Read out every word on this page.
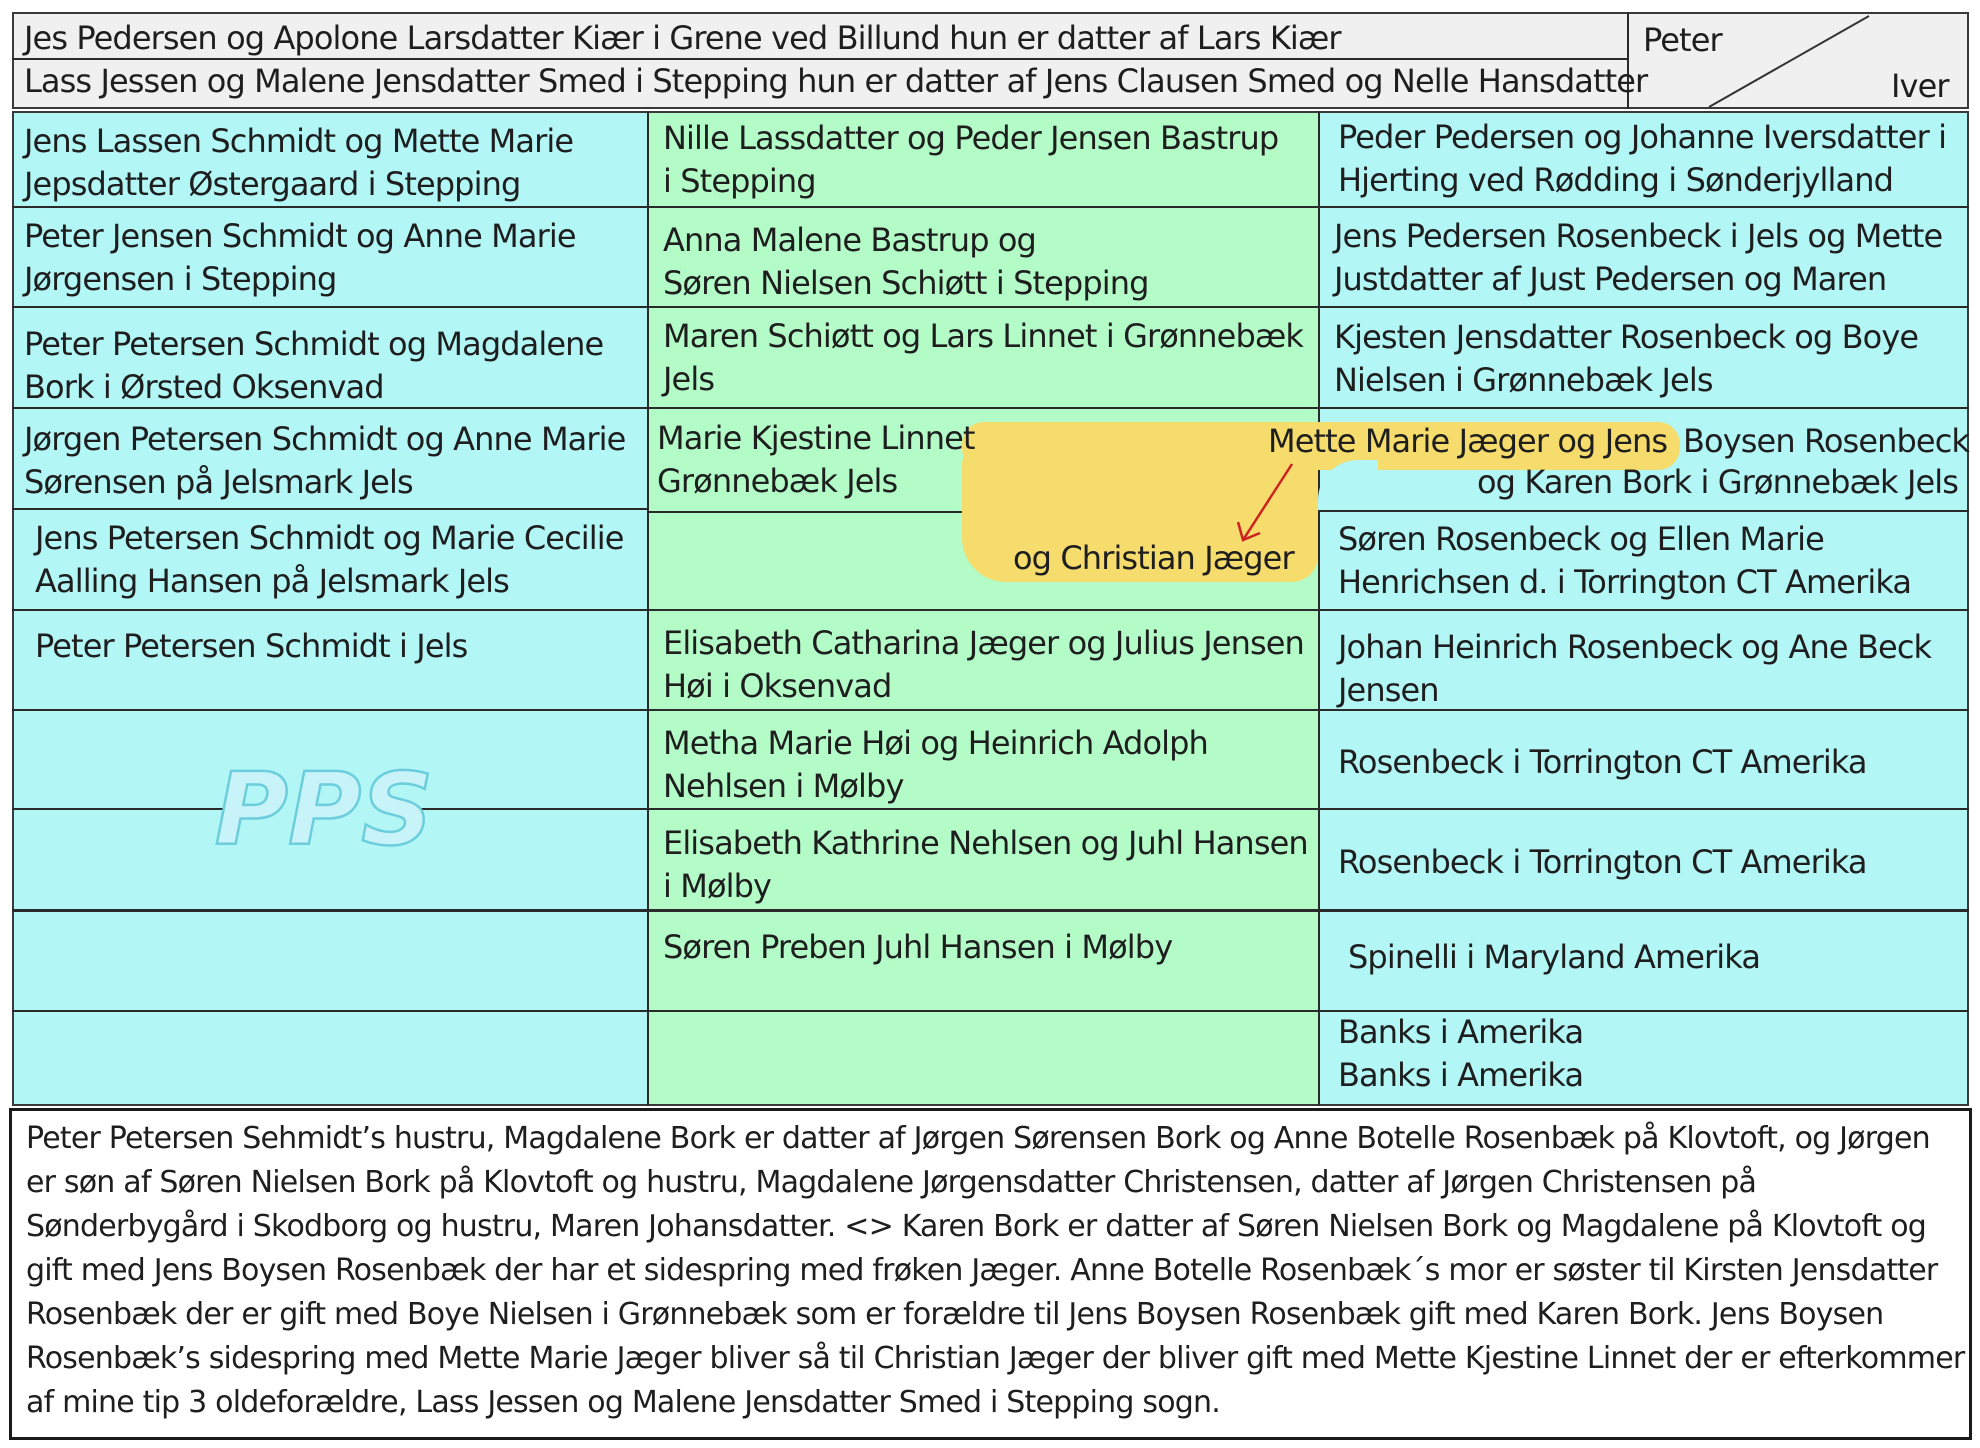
Jes Pedersen og Apolone Larsdatter Kiær i Grene ved Billund hun er datter af Lars Kiær
Lass Jessen og Malene Jensdatter Smed i Stepping hun er datter af Jens Clausen Smed og Nelle Hansdatter
Peter
Iver
Jens Lassen Schmidt og Mette Marie
Jepsdatter Østergaard i Stepping
Peter Jensen Schmidt og Anne Marie
Jørgensen i Stepping
Peter Petersen Schmidt og Magdalene
Bork i Ørsted Oksenvad
Jørgen Petersen Schmidt og Anne Marie
Sørensen på Jelsmark Jels
Jens Petersen Schmidt og Marie Cecilie
Aalling Hansen på Jelsmark Jels
Peter Petersen Schmidt i Jels
PPS
Nille Lassdatter og Peder Jensen Bastrup
i Stepping
Anna Malene Bastrup og
Søren Nielsen Schiøtt i Stepping
Maren Schiøtt og Lars Linnet i Grønnebæk
Jels
Marie Kjestine Linnet
Grønnebæk Jels
Elisabeth Catharina Jæger og Julius Jensen
Høi i Oksenvad
Metha Marie Høi og Heinrich Adolph
Nehlsen i Mølby
Elisabeth Kathrine Nehlsen og Juhl Hansen
i Mølby
Søren Preben Juhl Hansen i Mølby
Peder Pedersen og Johanne Iversdatter i
Hjerting ved Rødding i Sønderjylland
Jens Pedersen Rosenbeck i Jels og Mette
Justdatter af Just Pedersen og Maren
Kjesten Jensdatter Rosenbeck og Boye
Nielsen i Grønnebæk Jels
Søren Rosenbeck og Ellen Marie
Henrichsen d. i Torrington CT Amerika
Johan Heinrich Rosenbeck og Ane Beck
Jensen
Rosenbeck i Torrington CT Amerika
Rosenbeck i Torrington CT Amerika
Spinelli i Maryland Amerika
Banks i Amerika
Banks i Amerika
Mette Marie Jæger og Jens Boysen Rosenbeck
og Karen Bork i Grønnebæk Jels
og Christian Jæger
Peter Petersen Sehmidt’s hustru, Magdalene Bork er datter af Jørgen Sørensen Bork og Anne Botelle Rosenbæk på Klovtoft, og Jørgen er søn af Søren Nielsen Bork på Klovtoft og hustru, Magdalene Jørgensdatter Christensen, datter af Jørgen Christensen på Sønderbygård i Skodborg og hustru, Maren Johansdatter. <> Karen Bork er datter af Søren Nielsen Bork og Magdalene på Klovtoft og gift med Jens Boysen Rosenbæk der har et sidespring med frøken Jæger. Anne Botelle Rosenbæk´s mor er søster til Kirsten Jensdatter Rosenbæk der er gift med Boye Nielsen i Grønnebæk som er forældre til Jens Boysen Rosenbæk gift med Karen Bork. Jens Boysen Rosenbæk’s sidespring med Mette Marie Jæger bliver så til Christian Jæger der bliver gift med Mette Kjestine Linnet der er efterkommer af mine tip 3 oldeforældre, Lass Jessen og Malene Jensdatter Smed i Stepping sogn.
